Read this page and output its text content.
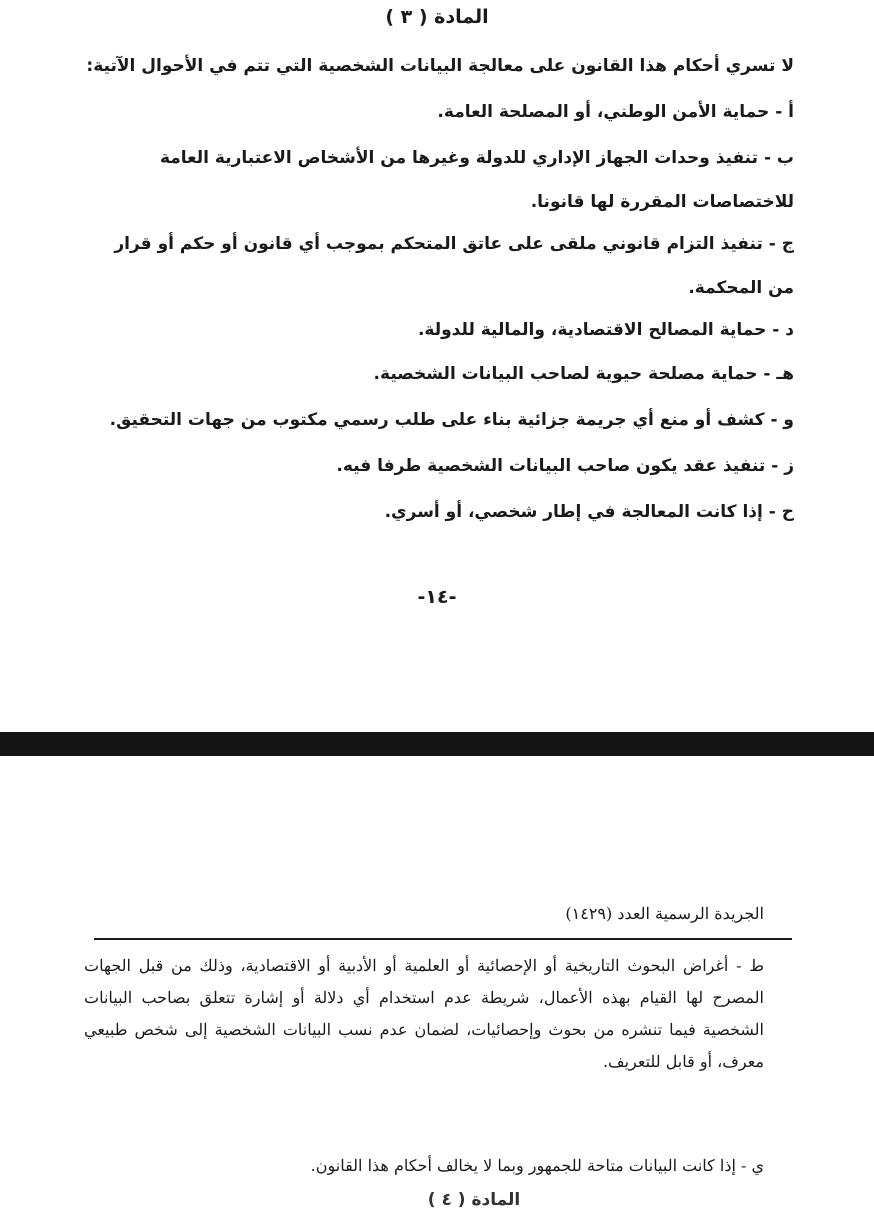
المادة ( ٣ )
لا تسري أحكام هذا القانون على معالجة البيانات الشخصية التي تتم في الأحوال الآتية:
أ - حماية الأمن الوطني، أو المصلحة العامة.
ب - تنفيذ وحدات الجهاز الإداري للدولة وغيرها من الأشخاص الاعتبارية العامة للاختصاصات المقررة لها قانونا.
ج - تنفيذ التزام قانوني ملقى على عاتق المتحكم بموجب أي قانون أو حكم أو قرار من المحكمة.
د - حماية المصالح الاقتصادية، والمالية للدولة.
هـ - حماية مصلحة حيوية لصاحب البيانات الشخصية.
و - كشف أو منع أي جريمة جزائية بناء على طلب رسمي مكتوب من جهات التحقيق.
ز - تنفيذ عقد يكون صاحب البيانات الشخصية طرفا فيه.
ح - إذا كانت المعالجة في إطار شخصي، أو أسري.
-١٤-
الجريدة الرسمية العدد (١٤٢٩)
ط - أغراض البحوث التاريخية أو الإحصائية أو العلمية أو الأدبية أو الاقتصادية، وذلك من قبل الجهات المصرح لها القيام بهذه الأعمال، شريطة عدم استخدام أي دلالة أو إشارة تتعلق بصاحب البيانات الشخصية فيما تنشره من بحوث وإحصائيات، لضمان عدم نسب البيانات الشخصية إلى شخص طبيعي معرف، أو قابل للتعريف.
ي - إذا كانت البيانات متاحة للجمهور وبما لا يخالف أحكام هذا القانون.
المادة ( ٤ )
